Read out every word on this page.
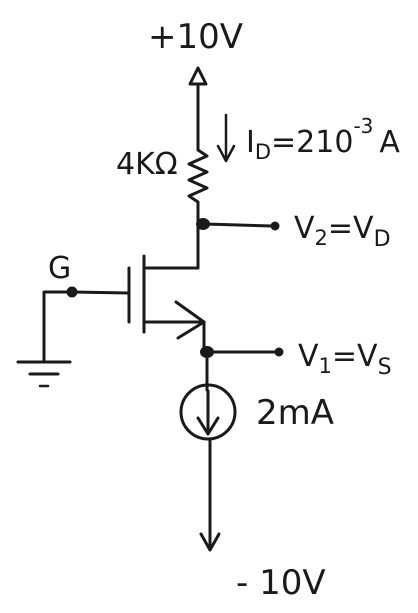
+10V
4KΩ
$I_D=210^{-3}$ A
$V_2=V_D$
G
$V_1=V_S$
2mA
- 10V
